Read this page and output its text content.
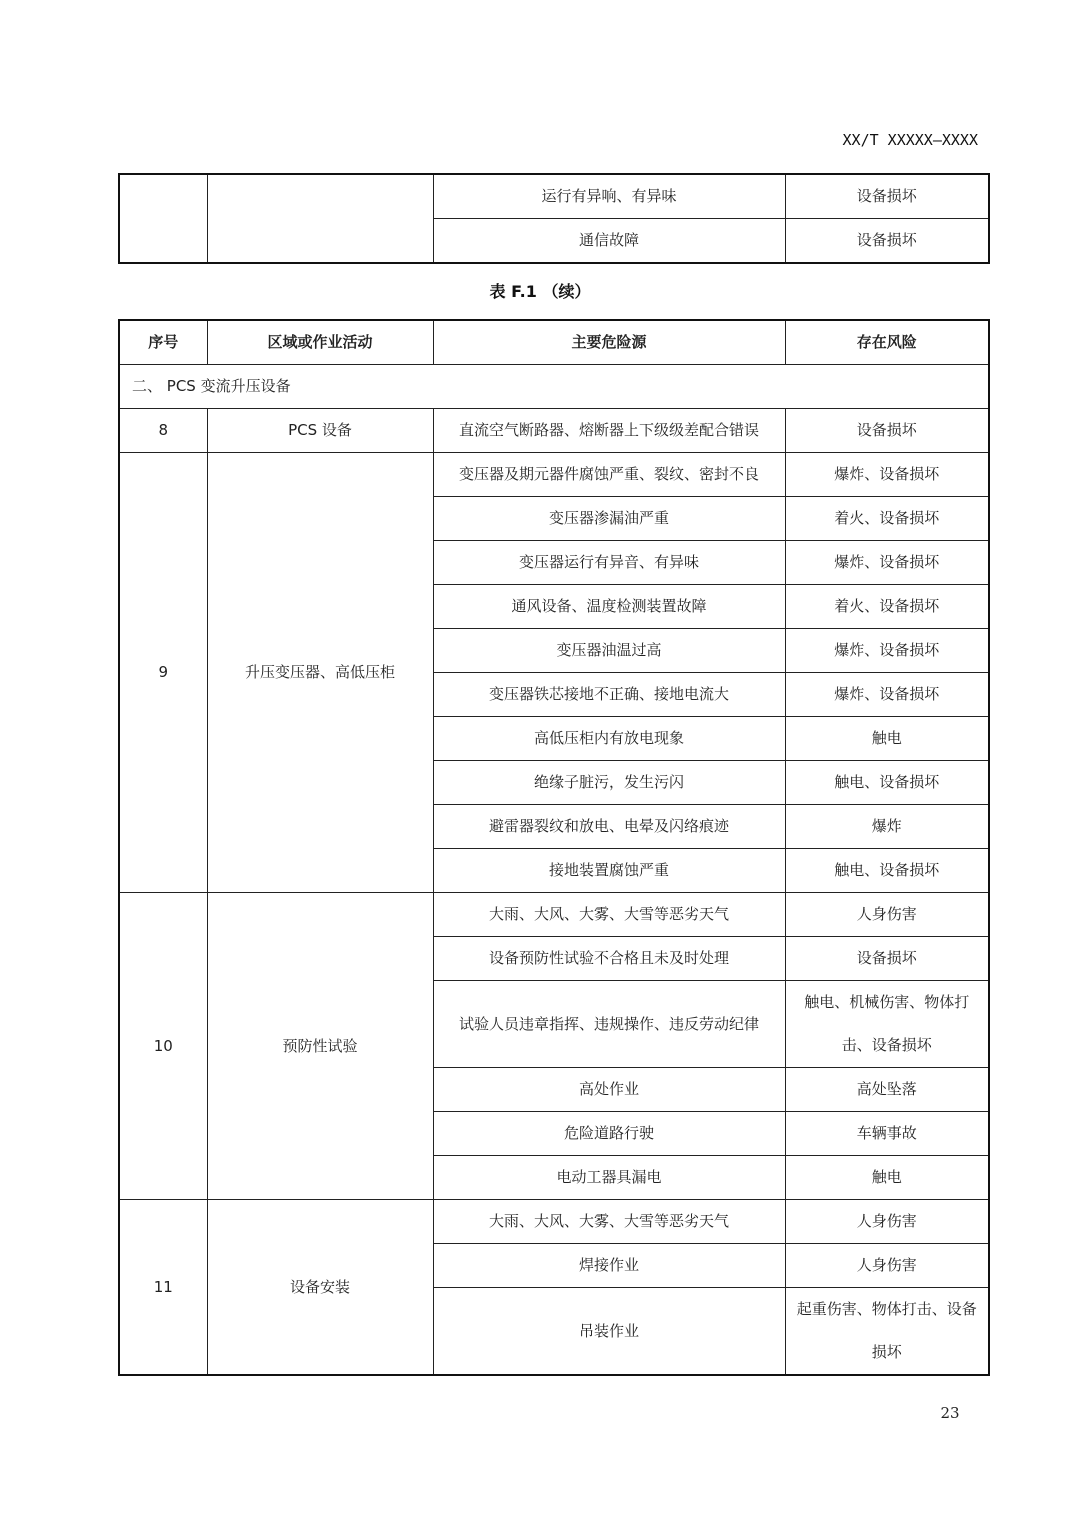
XX/T XXXXX—XXXX
		运行有异响、有异味	设备损坏
		通信故障	设备损坏
表 F.1 （续）
序号	区域或作业活动	主要危险源	存在风险
二、 PCS 变流升压设备			
8	PCS 设备	直流空气断路器、熔断器上下级级差配合错误	设备损坏
9	升压变压器、高低压柜	变压器及期元器件腐蚀严重、裂纹、密封不良	爆炸、设备损坏
		变压器渗漏油严重	着火、设备损坏
		变压器运行有异音、有异味	爆炸、设备损坏
		通风设备、温度检测装置故障	着火、设备损坏
		变压器油温过高	爆炸、设备损坏
		变压器铁芯接地不正确、接地电流大	爆炸、设备损坏
		高低压柜内有放电现象	触电
		绝缘子脏污，发生污闪	触电、设备损坏
		避雷器裂纹和放电、电晕及闪络痕迹	爆炸
		接地装置腐蚀严重	触电、设备损坏
10	预防性试验	大雨、大风、大雾、大雪等恶劣天气	人身伤害
		设备预防性试验不合格且未及时处理	设备损坏
		试验人员违章指挥、违规操作、违反劳动纪律	触电、机械伤害、物体打击、设备损坏
		高处作业	高处坠落
		危险道路行驶	车辆事故
		电动工器具漏电	触电
11	设备安装	大雨、大风、大雾、大雪等恶劣天气	人身伤害
		焊接作业	人身伤害
		吊装作业	起重伤害、物体打击、设备损坏
23
